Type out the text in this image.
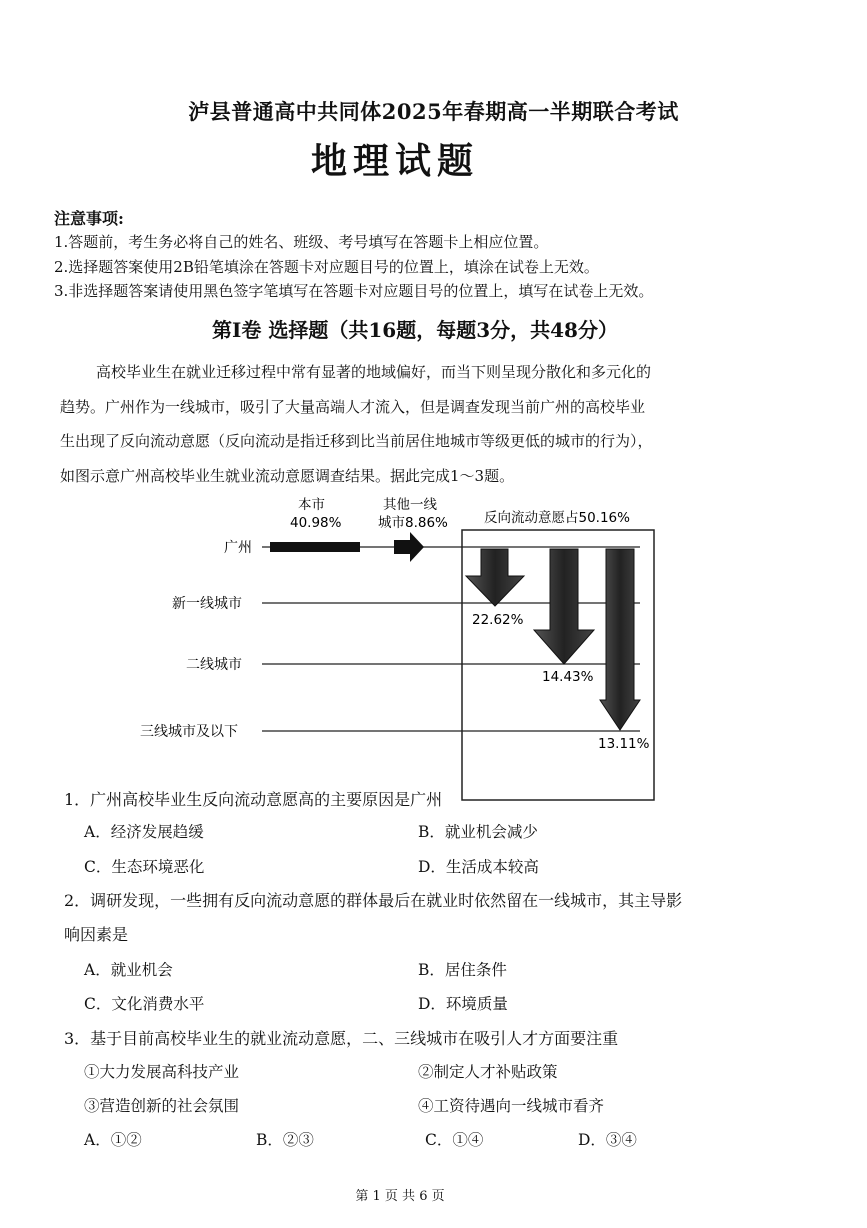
泸县普通高中共同体2025年春期高一半期联合考试
地理试题
注意事项:
1.答题前，考生务必将自己的姓名、班级、考号填写在答题卡上相应位置。
2.选择题答案使用2B铅笔填涂在答题卡对应题目号的位置上，填涂在试卷上无效。
3.非选择题答案请使用黑色签字笔填写在答题卡对应题目号的位置上，填写在试卷上无效。
第Ⅰ卷 选择题（共16题，每题3分，共48分）
高校毕业生在就业迁移过程中常有显著的地域偏好，而当下则呈现分散化和多元化的
趋势。广州作为一线城市，吸引了大量高端人才流入，但是调查发现当前广州的高校毕业
生出现了反向流动意愿（反向流动是指迁移到比当前居住地城市等级更低的城市的行为），
如图示意广州高校毕业生就业流动意愿调查结果。据此完成1～3题。
广州
新一线城市
二线城市
三线城市及以下
本市
40.98%
其他一线
城市8.86%	反向流动意愿占50.16%
22.62%
14.43%
13.11%
1．广州高校毕业生反向流动意愿高的主要原因是广州
A．经济发展趋缓	B．就业机会减少
C．生态环境恶化	D．生活成本较高
2．调研发现，一些拥有反向流动意愿的群体最后在就业时依然留在一线城市，其主导影
响因素是
A．就业机会	B．居住条件
C．文化消费水平	D．环境质量
3．基于目前高校毕业生的就业流动意愿，二、三线城市在吸引人才方面要注重
①大力发展高科技产业	②制定人才补贴政策
③营造创新的社会氛围	④工资待遇向一线城市看齐
A．①②	B．②③	C．①④	D．③④
第 1 页 共 6 页
